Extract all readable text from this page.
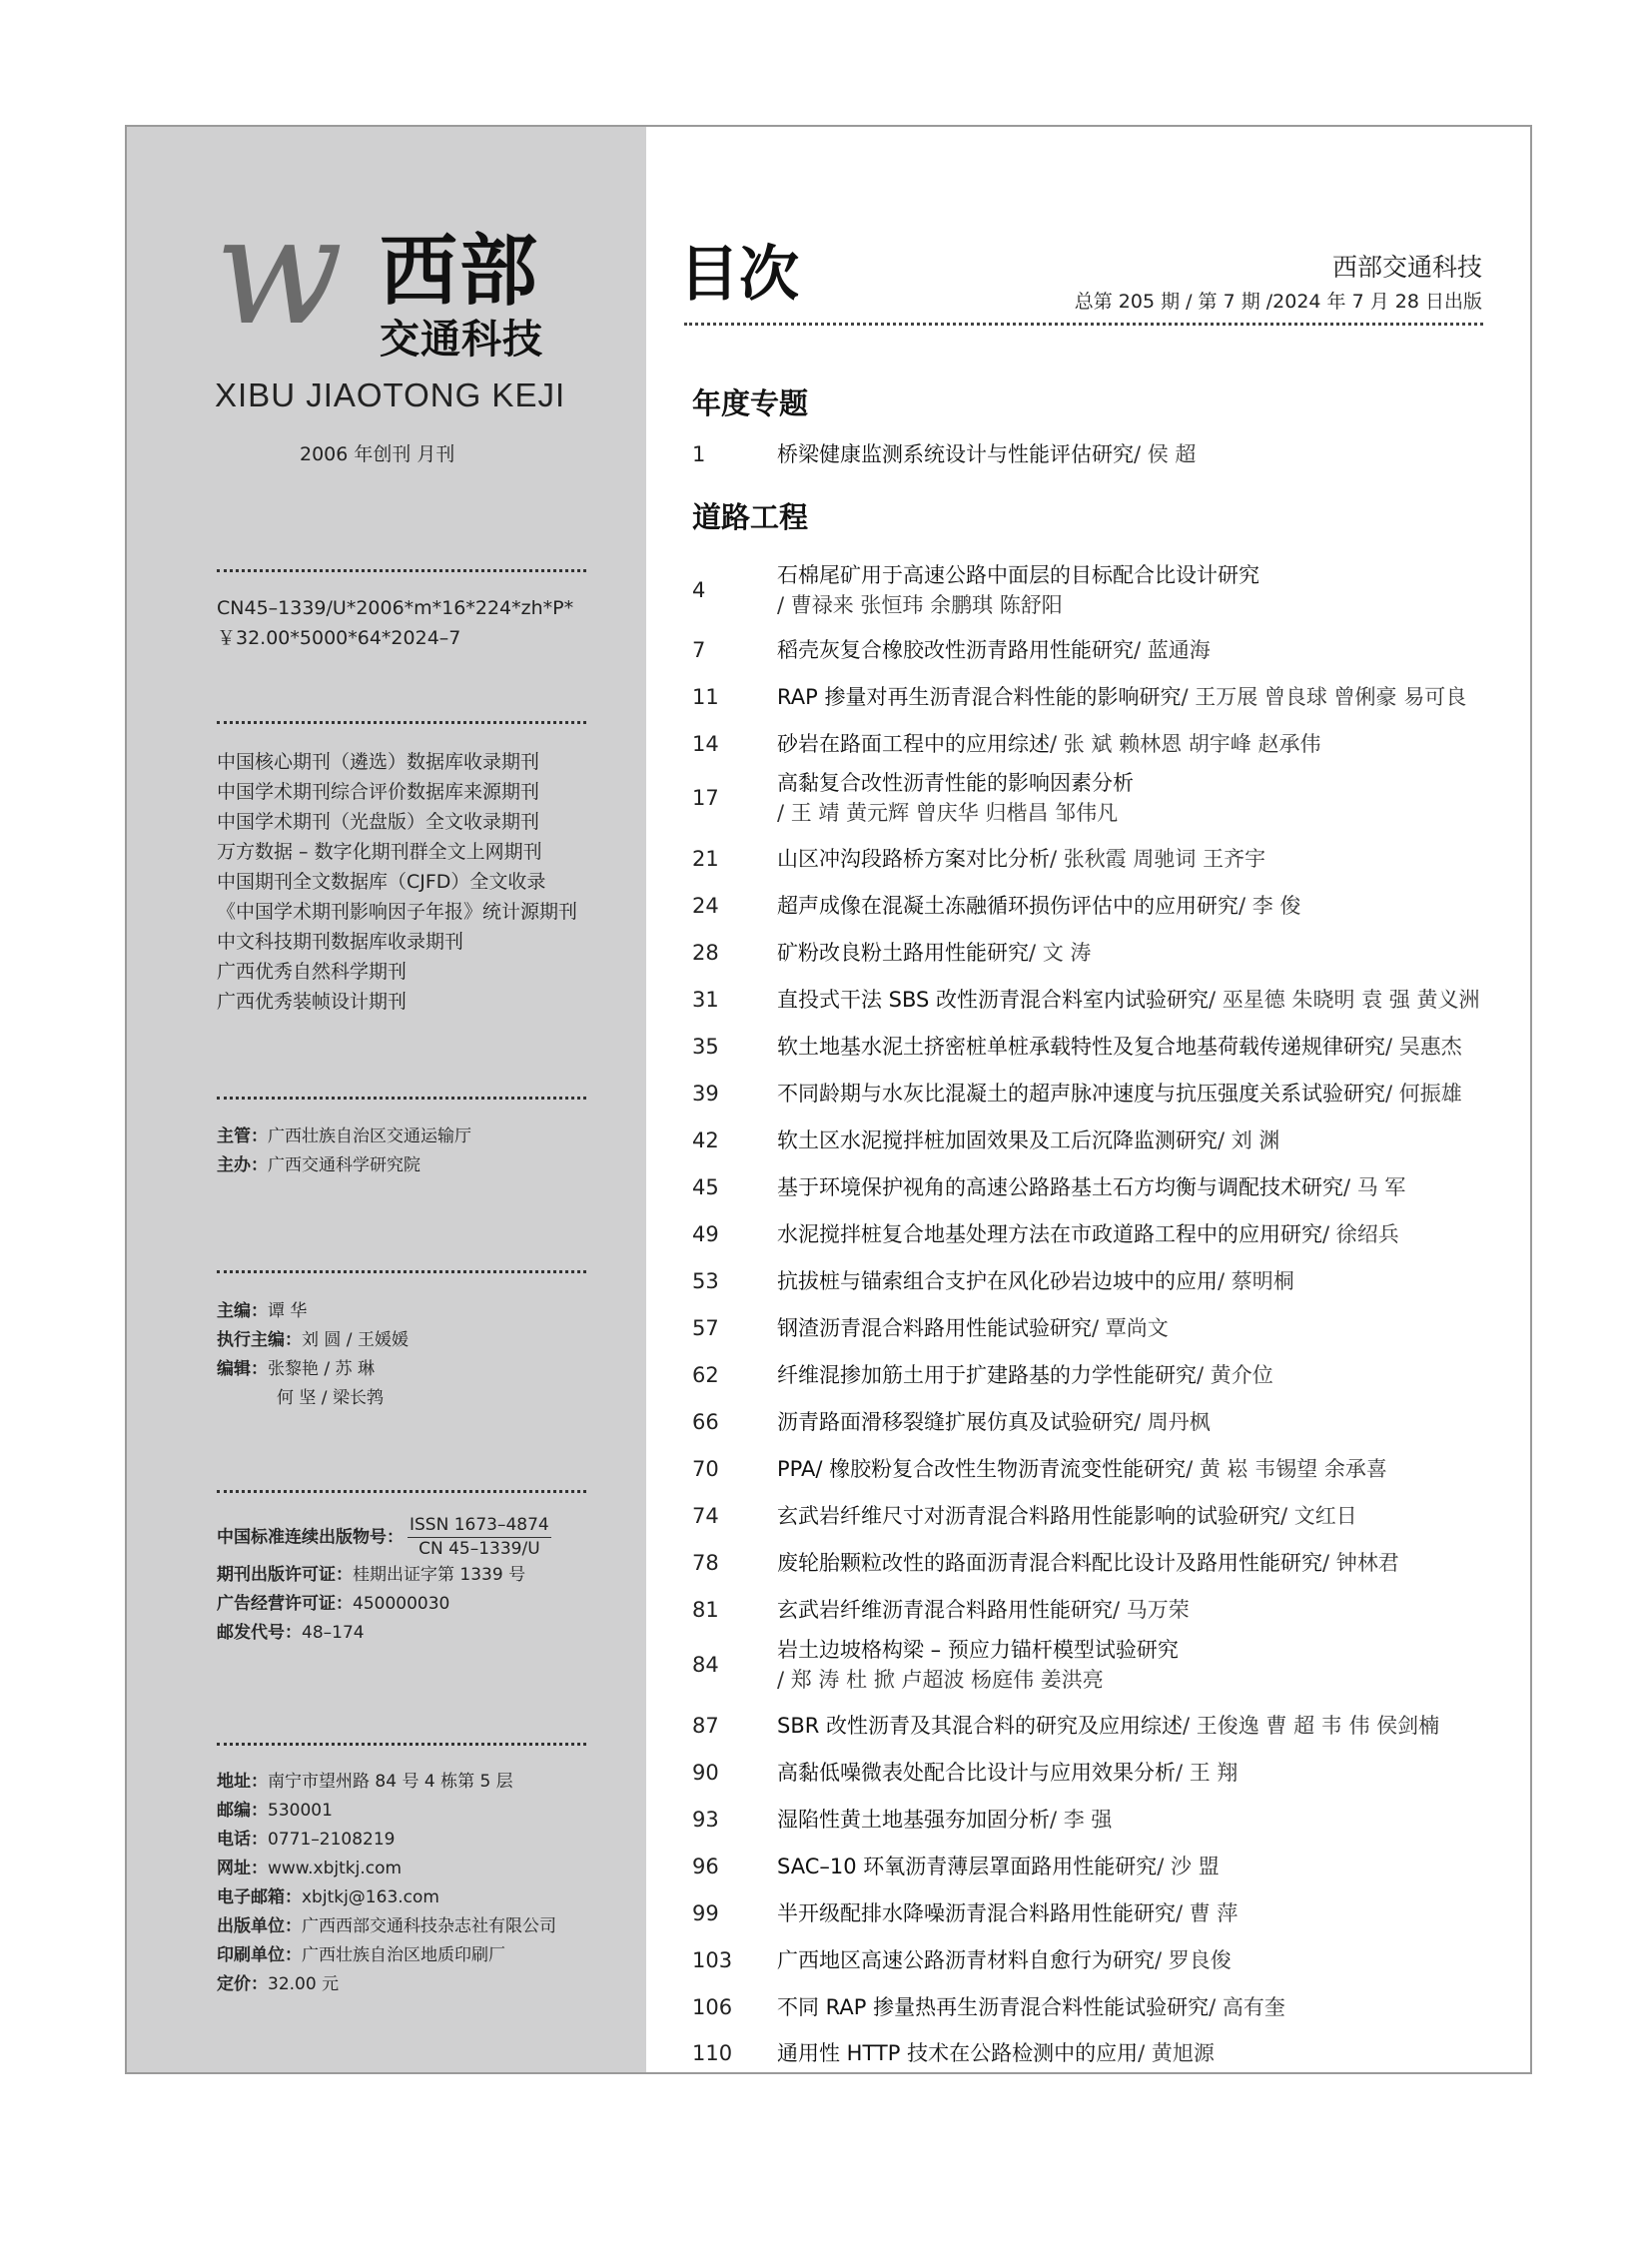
w 西部
交通科技
XIBU JIAOTONG KEJI
2006 年创刊 月刊
CN45–1339/U*2006*m*16*224*zh*P*
￥32.00*5000*64*2024–7
中国核心期刊（遴选）数据库收录期刊
中国学术期刊综合评价数据库来源期刊
中国学术期刊（光盘版）全文收录期刊
万方数据 – 数字化期刊群全文上网期刊
中国期刊全文数据库（CJFD）全文收录
《中国学术期刊影响因子年报》统计源期刊
中文科技期刊数据库收录期刊
广西优秀自然科学期刊
广西优秀装帧设计期刊
主管：广西壮族自治区交通运输厅
主办：广西交通科学研究院
主编：谭 华
执行主编：刘 圆 / 王媛媛
编辑：张黎艳 / 苏 琳
何 坚 / 梁长鹁
中国标准连续出版物号：
ISSN 1673–4874
CN 45–1339/U
期刊出版许可证：桂期出证字第 1339 号
广告经营许可证：450000030
邮发代号：48–174
地址：南宁市望州路 84 号 4 栋第 5 层
邮编：530001
电话：0771–2108219
网址：www.xbjtkj.com
电子邮箱：xbjtkj@163.com
出版单位：广西西部交通科技杂志社有限公司
印刷单位：广西壮族自治区地质印刷厂
定价：32.00 元
目次	西部交通科技
总第 205 期 / 第 7 期 /2024 年 7 月 28 日出版
年度专题
道路工程
1	桥梁健康监测系统设计与性能评估研究/ 侯 超
4
石棉尾矿用于高速公路中面层的目标配合比设计研究
/ 曹禄来 张恒玮 余鹏琪 陈舒阳
7	稻壳灰复合橡胶改性沥青路用性能研究/ 蓝通海
11	RAP 掺量对再生沥青混合料性能的影响研究/ 王万展 曾良球 曾俐豪 易可良
14	砂岩在路面工程中的应用综述/ 张 斌 赖林恩 胡宇峰 赵承伟
17
高黏复合改性沥青性能的影响因素分析
/ 王 靖 黄元辉 曾庆华 归楷昌 邹伟凡
21	山区冲沟段路桥方案对比分析/ 张秋霞 周驰词 王齐宇
24	超声成像在混凝土冻融循环损伤评估中的应用研究/ 李 俊
28	矿粉改良粉土路用性能研究/ 文 涛
31	直投式干法 SBS 改性沥青混合料室内试验研究/ 巫星德 朱晓明 袁 强 黄义洲
35	软土地基水泥土挤密桩单桩承载特性及复合地基荷载传递规律研究/ 吴惠杰
39	不同龄期与水灰比混凝土的超声脉冲速度与抗压强度关系试验研究/ 何振雄
42	软土区水泥搅拌桩加固效果及工后沉降监测研究/ 刘 渊
45	基于环境保护视角的高速公路路基土石方均衡与调配技术研究/ 马 军
49	水泥搅拌桩复合地基处理方法在市政道路工程中的应用研究/ 徐绍兵
53	抗拔桩与锚索组合支护在风化砂岩边坡中的应用/ 蔡明桐
57	钢渣沥青混合料路用性能试验研究/ 覃尚文
62	纤维混掺加筋土用于扩建路基的力学性能研究/ 黄介位
66	沥青路面滑移裂缝扩展仿真及试验研究/ 周丹枫
70	PPA/ 橡胶粉复合改性生物沥青流变性能研究/ 黄 崧 韦锡望 余承喜
74	玄武岩纤维尺寸对沥青混合料路用性能影响的试验研究/ 文红日
78	废轮胎颗粒改性的路面沥青混合料配比设计及路用性能研究/ 钟林君
81	玄武岩纤维沥青混合料路用性能研究/ 马万荣
84
岩土边坡格构梁 – 预应力锚杆模型试验研究
/ 郑 涛 杜 掀 卢超波 杨庭伟 姜洪亮
87	SBR 改性沥青及其混合料的研究及应用综述/ 王俊逸 曹 超 韦 伟 侯剑楠
90	高黏低噪微表处配合比设计与应用效果分析/ 王 翔
93	湿陷性黄土地基强夯加固分析/ 李 强
96	SAC–10 环氧沥青薄层罩面路用性能研究/ 沙 盟
99	半开级配排水降噪沥青混合料路用性能研究/ 曹 萍
103	广西地区高速公路沥青材料自愈行为研究/ 罗良俊
106	不同 RAP 掺量热再生沥青混合料性能试验研究/ 高有奎
110	通用性 HTTP 技术在公路检测中的应用/ 黄旭源
